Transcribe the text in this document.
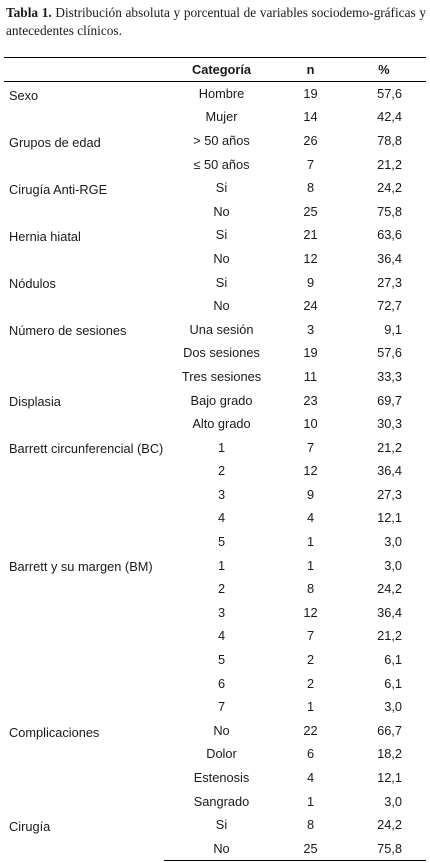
Tabla 1. Distribución absoluta y porcentual de variables sociodemo-gráficas y antecedentes clínicos.
	Categoría	n	%
Sexo	Hombre	19	57,6
	Mujer	14	42,4
Grupos de edad	> 50 años	26	78,8
	≤ 50 años	7	21,2
Cirugía Anti-RGE	Si	8	24,2
	No	25	75,8
Hernia hiatal	Si	21	63,6
	No	12	36,4
Nódulos	Si	9	27,3
	No	24	72,7
Número de sesiones	Una sesión	3	9,1
	Dos sesiones	19	57,6
	Tres sesiones	11	33,3
Displasia	Bajo grado	23	69,7
	Alto grado	10	30,3
Barrett circunferencial (BC)	1	7	21,2
	2	12	36,4
	3	9	27,3
	4	4	12,1
	5	1	3,0
Barrett y su margen (BM)	1	1	3,0
	2	8	24,2
	3	12	36,4
	4	7	21,2
	5	2	6,1
	6	2	6,1
	7	1	3,0
Complicaciones	No	22	66,7
	Dolor	6	18,2
	Estenosis	4	12,1
	Sangrado	1	3,0
Cirugía	Si	8	24,2
	No	25	75,8
